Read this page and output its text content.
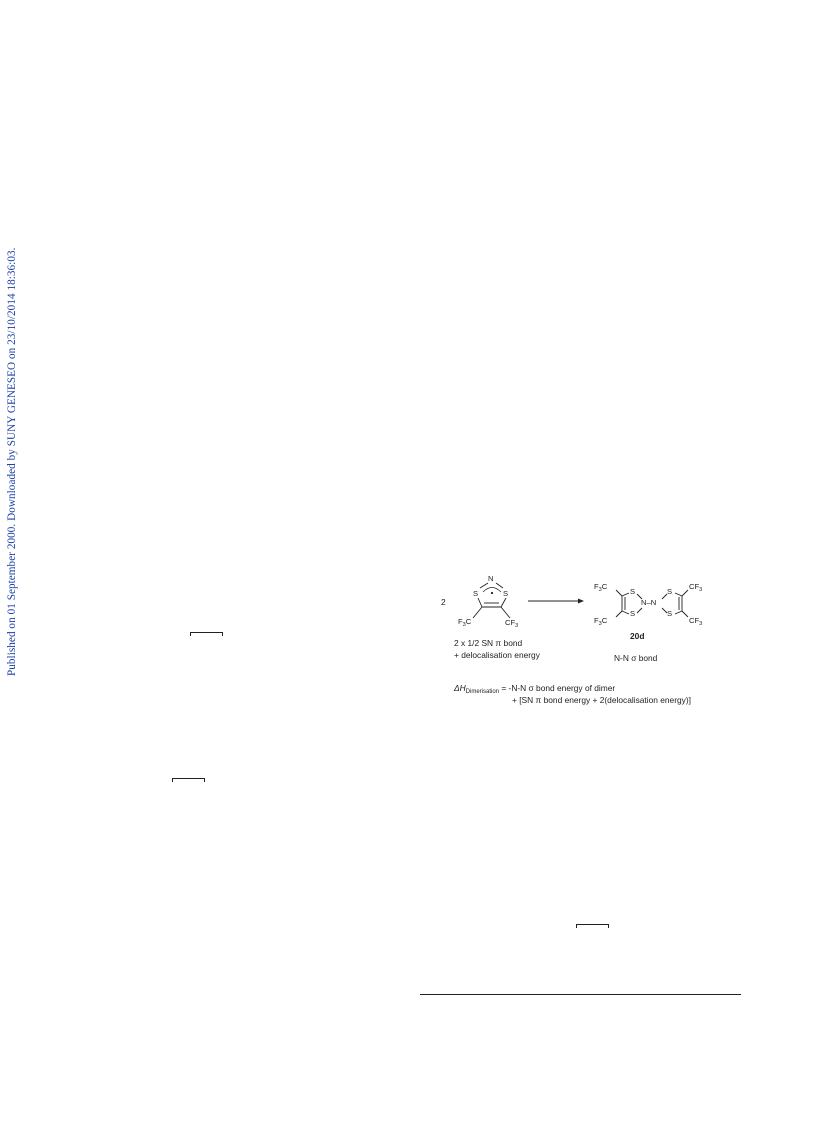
Published on 01 September 2000. Downloaded by SUNY GENESEO on 23/10/2014 18:36:03.	2
N
S	S
$F_3C$	$CF_3$
$F_3C$
$F_3C$
S
S
N–N
S
S
$CF_3$
$CF_3$
20d
2 x 1/2 SN π bond
+ delocalisation energy	N-N σ bond
$\Delta H_{Dimerisation} = -N-N$ σ bond energy of dimer
+ [SN π bond energy + 2(delocalisation energy)]
